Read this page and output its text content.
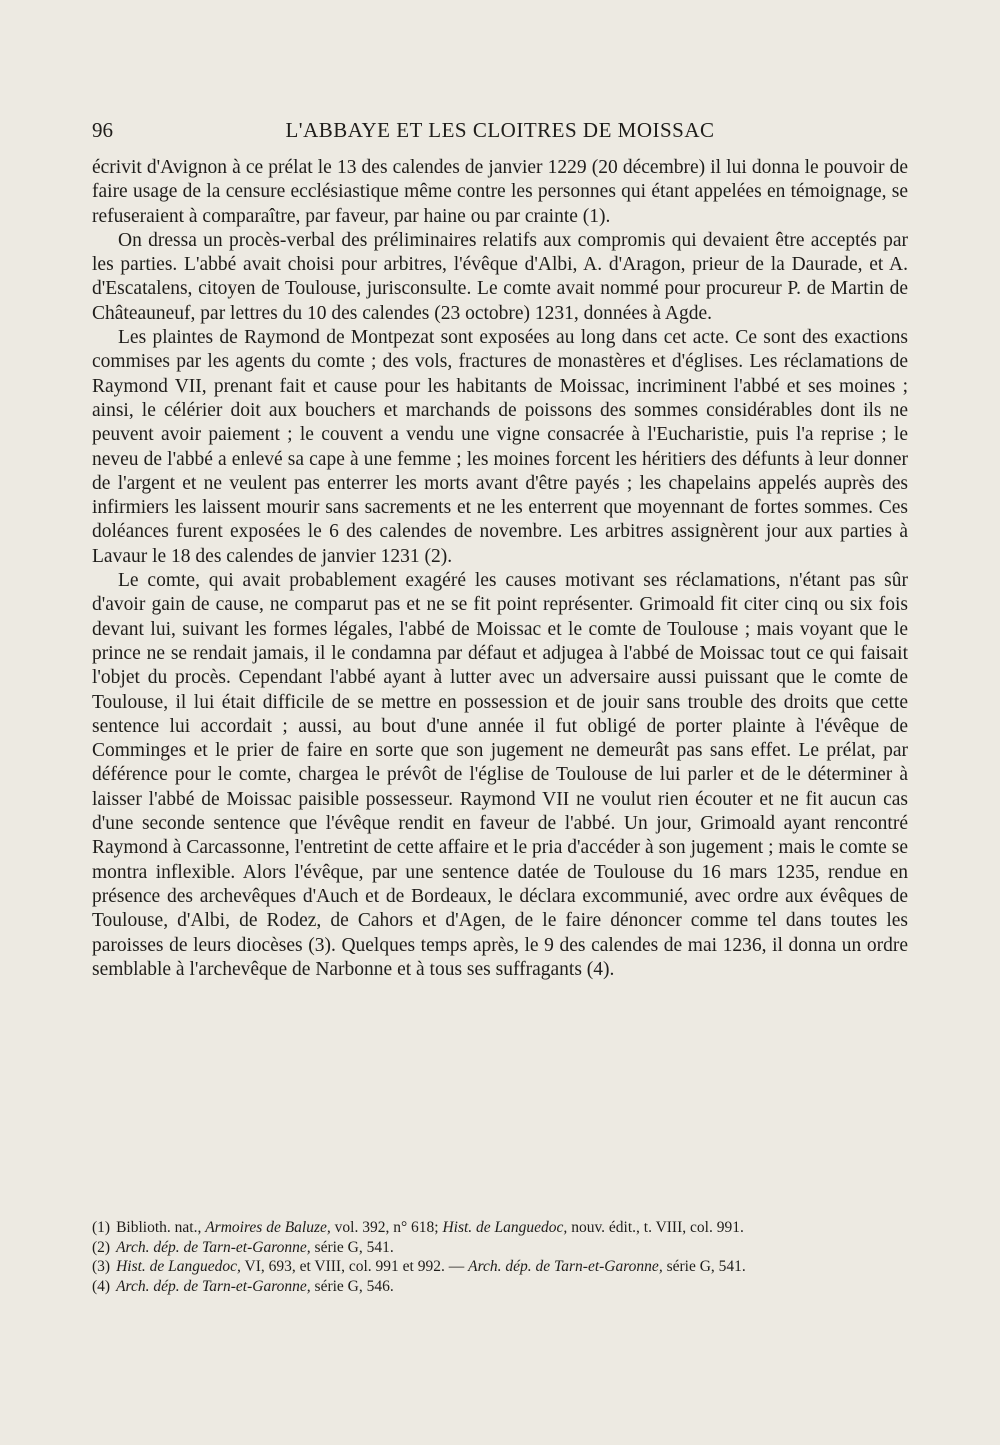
96	L'ABBAYE ET LES CLOITRES DE MOISSAC

écrivit d'Avignon à ce prélat le 13 des calendes de janvier 1229 (20 décembre) il lui donna le pouvoir de faire usage de la censure ecclésiastique même contre les personnes qui étant appelées en témoignage, se refuseraient à comparaître, par faveur, par haine ou par crainte (1).

On dressa un procès-verbal des préliminaires relatifs aux compromis qui devaient être acceptés par les parties. L'abbé avait choisi pour arbitres, l'évêque d'Albi, A. d'Aragon, prieur de la Daurade, et A. d'Escatalens, citoyen de Toulouse, jurisconsulte. Le comte avait nommé pour procureur P. de Martin de Châteauneuf, par lettres du 10 des calendes (23 octobre) 1231, données à Agde.

Les plaintes de Raymond de Montpezat sont exposées au long dans cet acte. Ce sont des exactions commises par les agents du comte ; des vols, fractures de monastères et d'églises. Les réclamations de Raymond VII, prenant fait et cause pour les habitants de Moissac, incriminent l'abbé et ses moines ; ainsi, le célérier doit aux bouchers et marchands de poissons des sommes considérables dont ils ne peuvent avoir paiement ; le couvent a vendu une vigne consacrée à l'Eucharistie, puis l'a reprise ; le neveu de l'abbé a enlevé sa cape à une femme ; les moines forcent les héritiers des défunts à leur donner de l'argent et ne veulent pas enterrer les morts avant d'être payés ; les chapelains appelés auprès des infirmiers les laissent mourir sans sacrements et ne les enterrent que moyennant de fortes sommes. Ces doléances furent exposées le 6 des calendes de novembre. Les arbitres assignèrent jour aux parties à Lavaur le 18 des calendes de janvier 1231 (2).

Le comte, qui avait probablement exagéré les causes motivant ses réclamations, n'étant pas sûr d'avoir gain de cause, ne comparut pas et ne se fit point représenter. Grimoald fit citer cinq ou six fois devant lui, suivant les formes légales, l'abbé de Moissac et le comte de Toulouse ; mais voyant que le prince ne se rendait jamais, il le condamna par défaut et adjugea à l'abbé de Moissac tout ce qui faisait l'objet du procès. Cependant l'abbé ayant à lutter avec un adversaire aussi puissant que le comte de Toulouse, il lui était difficile de se mettre en possession et de jouir sans trouble des droits que cette sentence lui accordait ; aussi, au bout d'une année il fut obligé de porter plainte à l'évêque de Comminges et le prier de faire en sorte que son jugement ne demeurât pas sans effet. Le prélat, par déférence pour le comte, chargea le prévôt de l'église de Toulouse de lui parler et de le déterminer à laisser l'abbé de Moissac paisible possesseur. Raymond VII ne voulut rien écouter et ne fit aucun cas d'une seconde sentence que l'évêque rendit en faveur de l'abbé. Un jour, Grimoald ayant rencontré Raymond à Carcassonne, l'entretint de cette affaire et le pria d'accéder à son jugement ; mais le comte se montra inflexible. Alors l'évêque, par une sentence datée de Toulouse du 16 mars 1235, rendue en présence des archevêques d'Auch et de Bordeaux, le déclara excommunié, avec ordre aux évêques de Toulouse, d'Albi, de Rodez, de Cahors et d'Agen, de le faire dénoncer comme tel dans toutes les paroisses de leurs diocèses (3). Quelques temps après, le 9 des calendes de mai 1236, il donna un ordre semblable à l'archevêque de Narbonne et à tous ses suffragants (4).

(1) Biblioth. nat., Armoires de Baluze, vol. 392, n° 618; Hist. de Languedoc, nouv. édit., t. VIII, col. 991.
(2) Arch. dép. de Tarn-et-Garonne, série G, 541.
(3) Hist. de Languedoc, VI, 693, et VIII, col. 991 et 992. — Arch. dép. de Tarn-et-Garonne, série G, 541.
(4) Arch. dép. de Tarn-et-Garonne, série G, 546.
